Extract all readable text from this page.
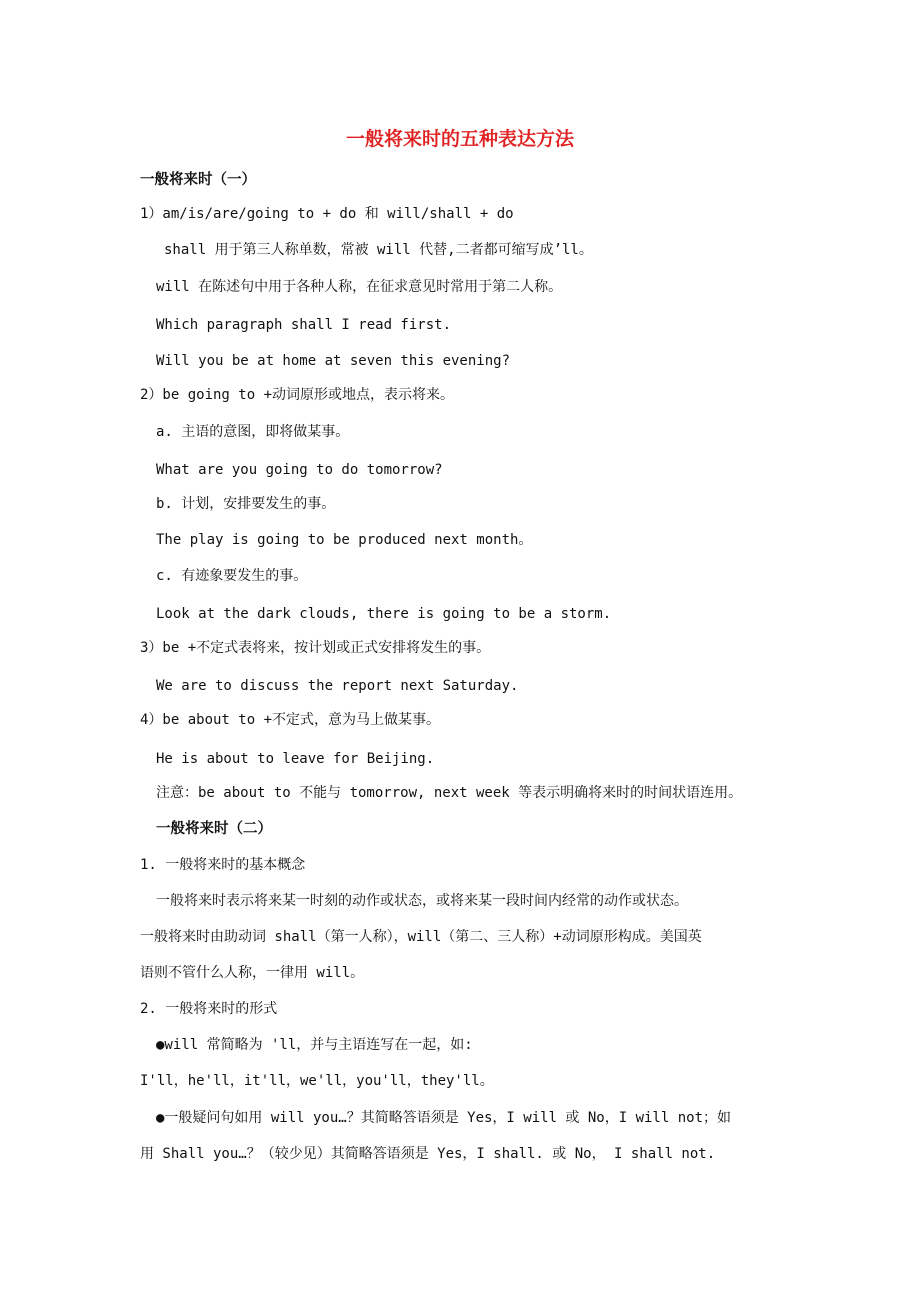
一般将来时的五种表达方法
一般将来时（一）
1）am/is/are/going to + do 和 will/shall + do
shall 用于第三人称单数，常被 will 代替,二者都可缩写成’ll。
will 在陈述句中用于各种人称，在征求意见时常用于第二人称。
Which paragraph shall I read first.
Will you be at home at seven this evening?
2）be going to +动词原形或地点，表示将来。
a. 主语的意图，即将做某事。
What are you going to do tomorrow?
b. 计划，安排要发生的事。
The play is going to be produced next month。
c. 有迹象要发生的事。
Look at the dark clouds, there is going to be a storm.
3）be +不定式表将来，按计划或正式安排将发生的事。
We are to discuss the report next Saturday.
4）be about to +不定式，意为马上做某事。
He is about to leave for Beijing.
注意：be about to 不能与 tomorrow, next week 等表示明确将来时的时间状语连用。
一般将来时（二）
1. 一般将来时的基本概念
一般将来时表示将来某一时刻的动作或状态，或将来某一段时间内经常的动作或状态。
一般将来时由助动词 shall（第一人称），will（第二、三人称）+动词原形构成。美国英
语则不管什么人称，一律用 will。
2. 一般将来时的形式
●will 常简略为 'll，并与主语连写在一起，如:
I'll，he'll，it'll，we'll，you'll，they'll。
●一般疑问句如用 will you…？其简略答语须是 Yes，I will 或 No，I will not；如
用 Shall you…？（较少见）其简略答语须是 Yes，I shall. 或 No， I shall not.
